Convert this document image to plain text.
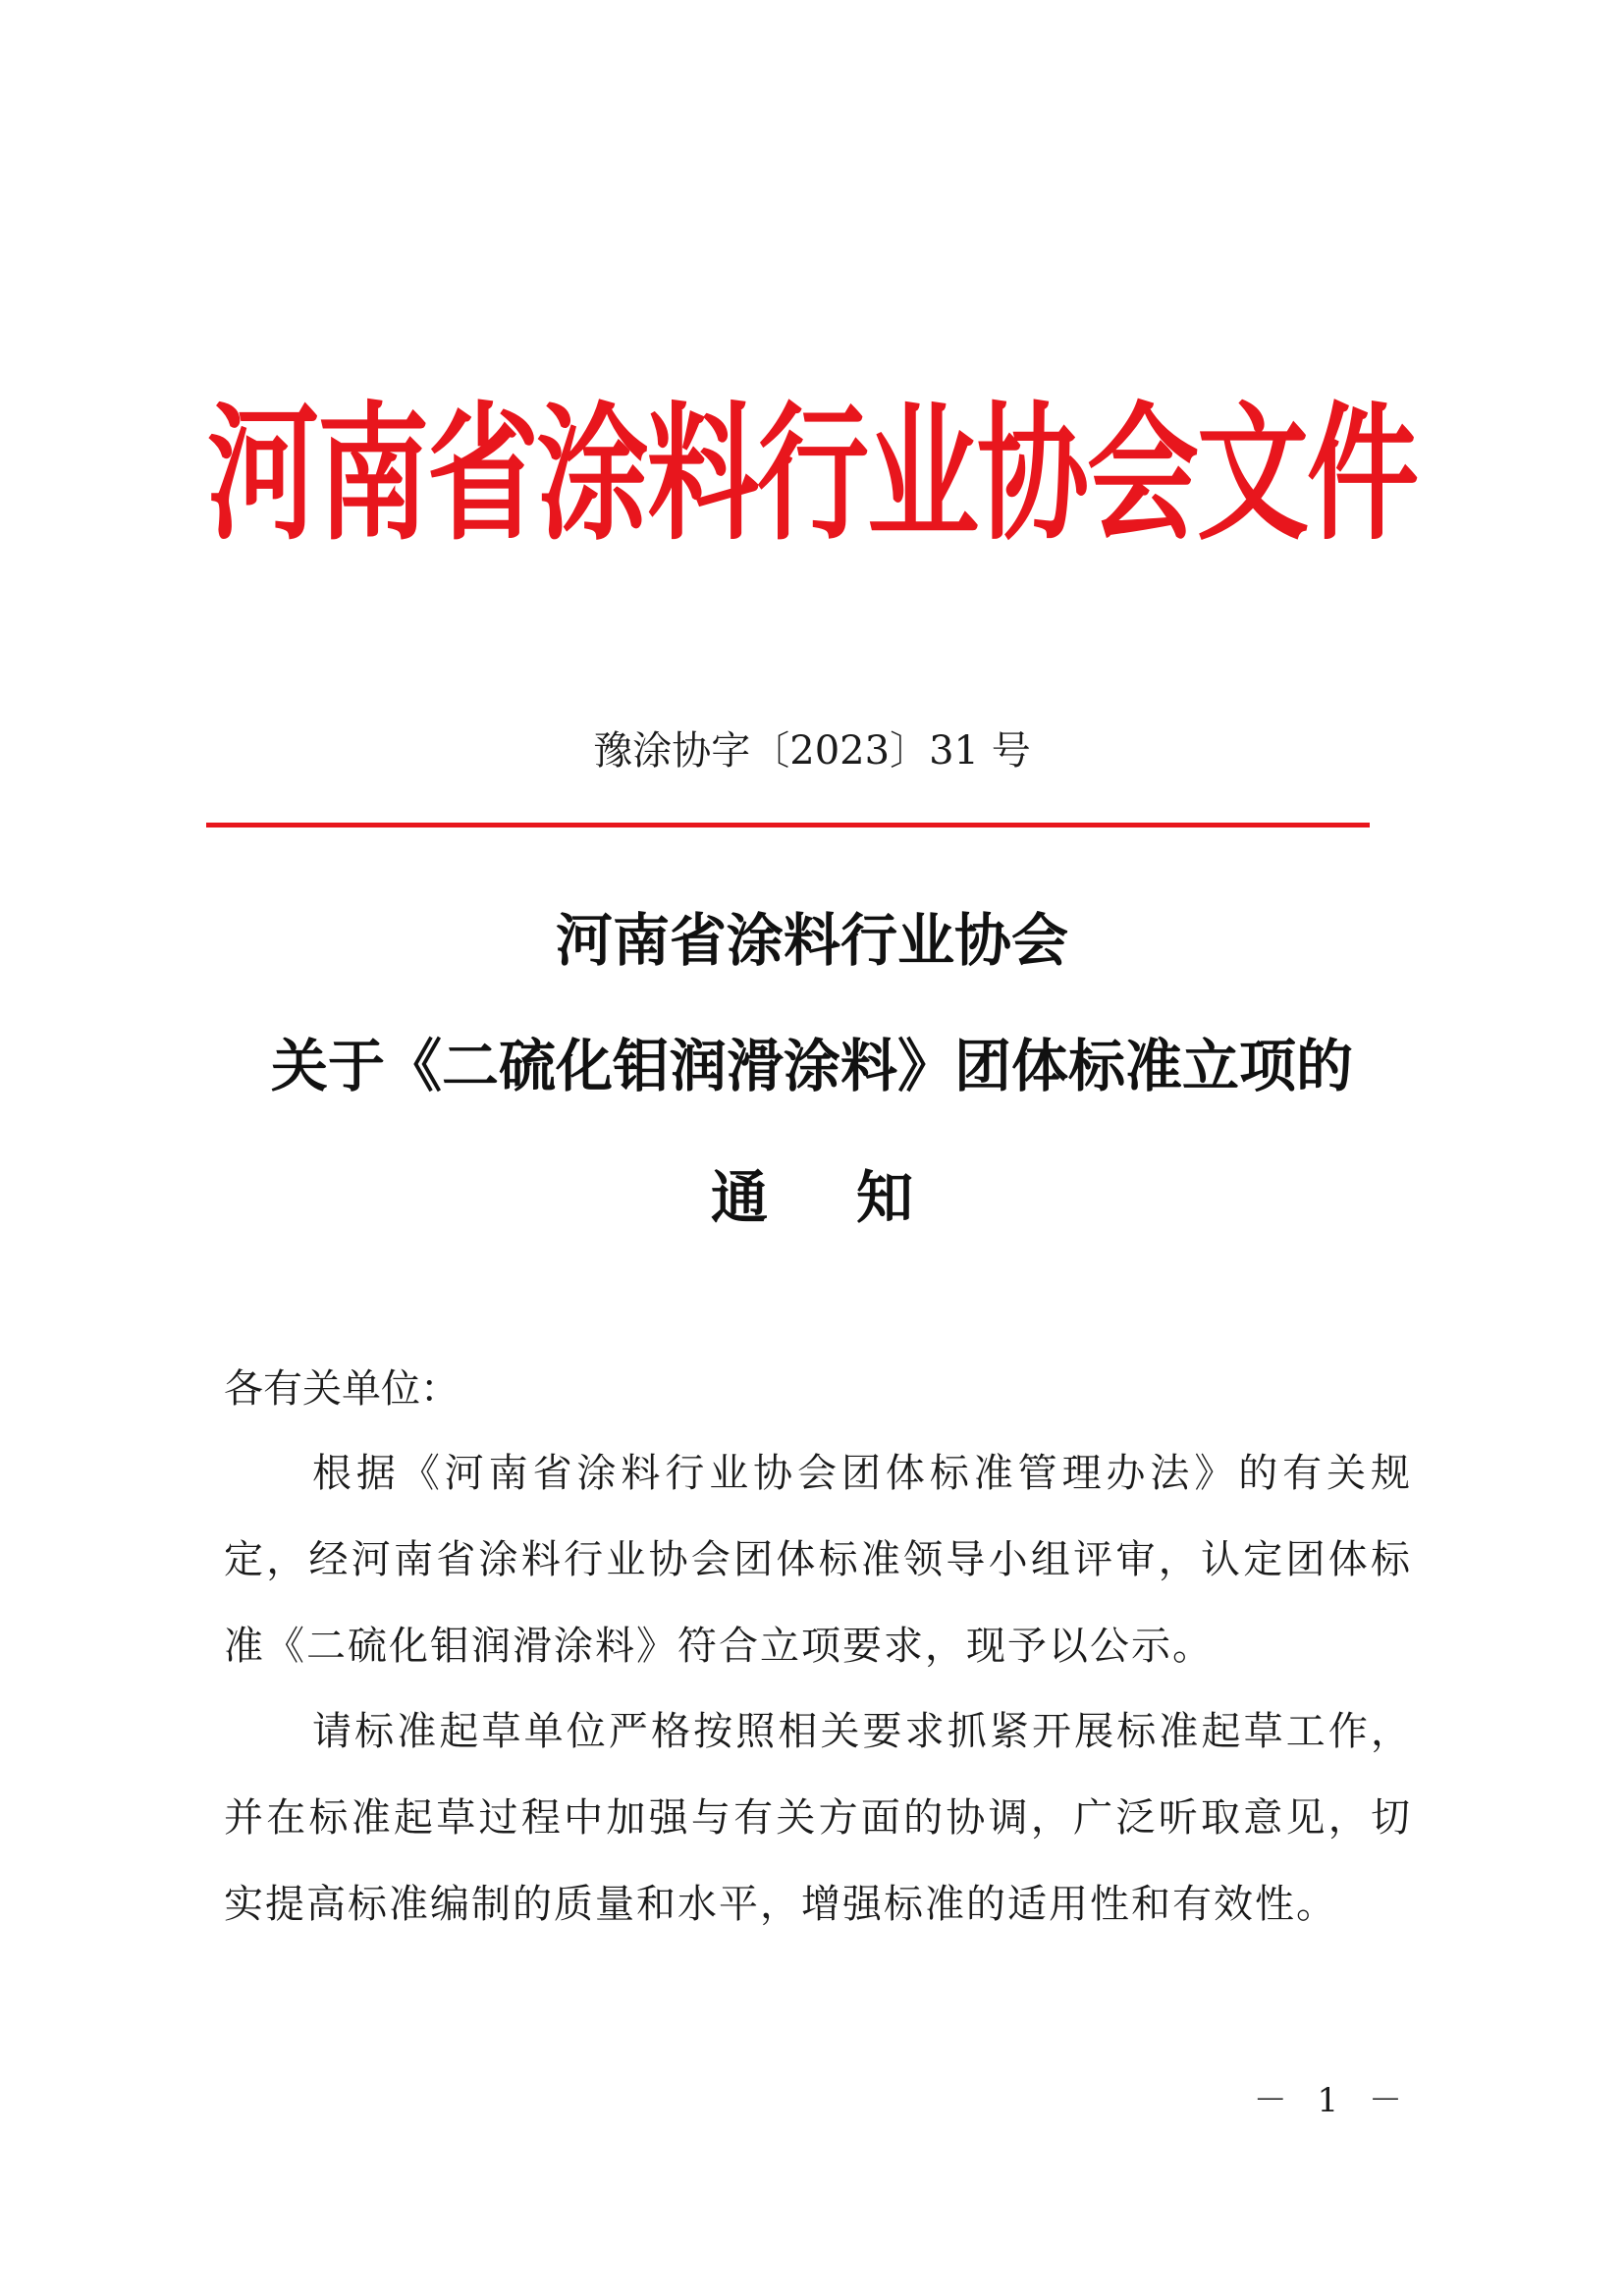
河南省涂料行业协会文件
豫涂协字〔2023〕31 号
河南省涂料行业协会
关于《二硫化钼润滑涂料》团体标准立项的
通知
各有关单位：
根据《河南省涂料行业协会团体标准管理办法》的有关规定，经河南省涂料行业协会团体标准领导小组评审，认定团体标准《二硫化钼润滑涂料》符合立项要求，现予以公示。
请标准起草单位严格按照相关要求抓紧开展标准起草工作，并在标准起草过程中加强与有关方面的协调，广泛听取意见，切实提高标准编制的质量和水平，增强标准的适用性和有效性。
－ 1 －
